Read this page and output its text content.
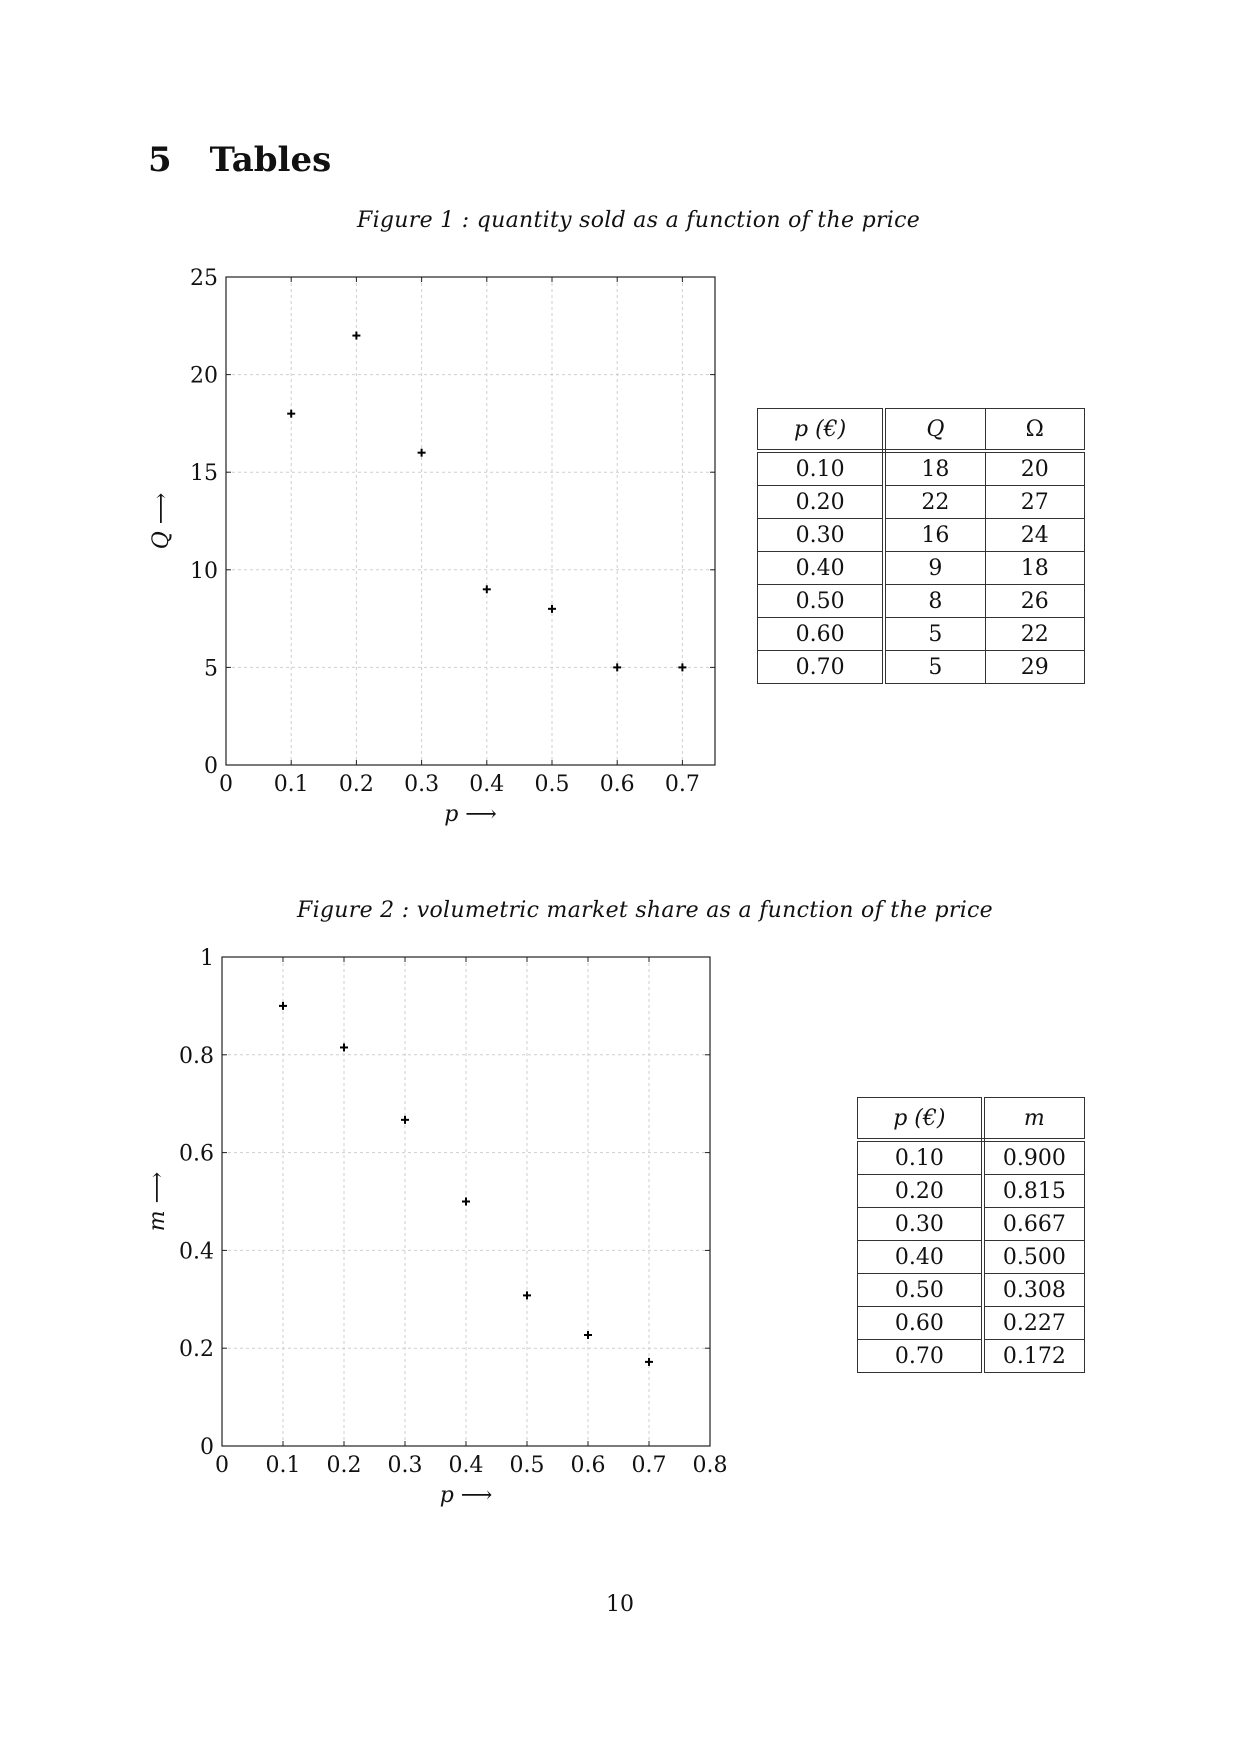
5 Tables
Figure 1 : quantity sold as a function of the price
0 0.1 0.2 0.3 0.4 0.5 0.6 0.7
0
5
10
15
20
25
p ⟶
Q ⟶
p (€)	Q	Ω
0.10	18	20
0.20	22	27
0.30	16	24
0.40	9	18
0.50	8	26
0.60	5	22
0.70	5	29
Figure 2 : volumetric market share as a function of the price
0 0.1 0.2 0.3 0.4 0.5 0.6 0.7 0.8
0
0.2
0.4
0.6
0.8
1
p ⟶
m ⟶
p (€)	m
0.10	0.900
0.20	0.815
0.30	0.667
0.40	0.500
0.50	0.308
0.60	0.227
0.70	0.172
10
